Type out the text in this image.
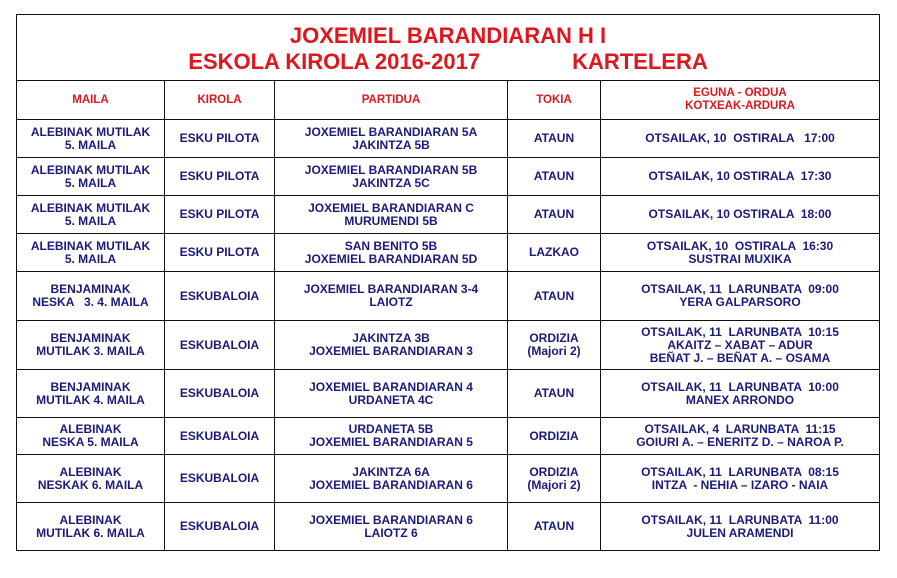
JOXEMIEL BARANDIARAN H I
ESKOLA KIROLA 2016-2017 KARTELERA				

MAILA	KIROLA	PARTIDUA	TOKIA	EGUNA - ORDUA
KOTXEAK-ARDURA

ALEBINAK MUTILAK
5. MAILA	ESKU PILOTA	JOXEMIEL BARANDIARAN 5A
JAKINTZA 5B	ATAUN	OTSAILAK, 10  OSTIRALA   17:00

ALEBINAK MUTILAK
5. MAILA	ESKU PILOTA	JOXEMIEL BARANDIARAN 5B
JAKINTZA 5C	ATAUN	OTSAILAK, 10 OSTIRALA  17:30

ALEBINAK MUTILAK
5. MAILA	ESKU PILOTA	JOXEMIEL BARANDIARAN C
MURUMENDI 5B	ATAUN	OTSAILAK, 10 OSTIRALA  18:00

ALEBINAK MUTILAK
5. MAILA	ESKU PILOTA	SAN BENITO 5B
JOXEMIEL BARANDIARAN 5D	LAZKAO	OTSAILAK, 10  OSTIRALA  16:30
SUSTRAI MUXIKA

BENJAMINAK
NESKA   3. 4. MAILA	ESKUBALOIA	JOXEMIEL BARANDIARAN 3-4
LAIOTZ	ATAUN	OTSAILAK, 11  LARUNBATA  09:00
YERA GALPARSORO

BENJAMINAK
MUTILAK 3. MAILA	ESKUBALOIA	JAKINTZA 3B
JOXEMIEL BARANDIARAN 3	ORDIZIA
(Majori 2)	OTSAILAK, 11  LARUNBATA  10:15
AKAITZ – XABAT – ADUR
BEÑAT J. – BEÑAT A. – OSAMA

BENJAMINAK
MUTILAK 4. MAILA	ESKUBALOIA	JOXEMIEL BARANDIARAN 4
URDANETA 4C	ATAUN	OTSAILAK, 11  LARUNBATA  10:00
MANEX ARRONDO

ALEBINAK
NESKA 5. MAILA	ESKUBALOIA	URDANETA 5B
JOXEMIEL BARANDIARAN 5	ORDIZIA	OTSAILAK, 4  LARUNBATA  11:15
GOIURI A. – ENERITZ D. – NAROA P.

ALEBINAK
NESKAK 6. MAILA	ESKUBALOIA	JAKINTZA 6A
JOXEMIEL BARANDIARAN 6	ORDIZIA
(Majori 2)	OTSAILAK, 11  LARUNBATA  08:15
INTZA  - NEHIA – IZARO - NAIA

ALEBINAK
MUTILAK 6. MAILA	ESKUBALOIA	JOXEMIEL BARANDIARAN 6
LAIOTZ 6	ATAUN	OTSAILAK, 11  LARUNBATA  11:00
JULEN ARAMENDI
